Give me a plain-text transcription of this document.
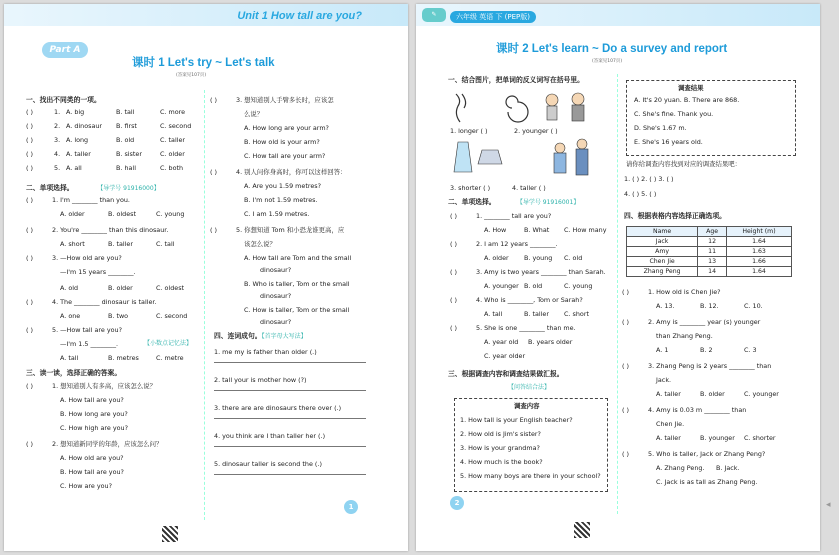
Unit 1 How tall are you?
Part A
课时 1 Let's try ~ Let's talk
(答案见107页)
一、找出不同类的一项。
( )	1. A. big	B. tall	C. more
( )	2. A. dinosaur B. first	C. second
( )	3. A. long	B. old	C. taller
( )	4. A. taller	B. sister	C. older
( )	5. A. all	B. hall	C. both
二、单项选择。	【导学号 91916000】
( )	1. I'm ________ than you.
A. older	B. oldest	C. young
( )	2. You're ________ than this dinosaur.
A. short	B. taller	C. tall
( )	3. —How old are you?
A. old	B. older	C. oldest
( )	4. The ________ dinosaur is taller.
A. one	B. two	C. second
—I'm 15 years ________.
( )	5. —How tall are you?
—I'm 1.5 ________.	【小数点记忆法】
A. tall	B. metres	C. metre
三、读一读，选择正确的答案。
( )	1. 想知道别人有多高，应该怎么说？
A. How tall are you?
B. How long are you?
C. How high are you?
( )	2. 想知道新同学的年龄，应该怎么问？
A. How old are you?
B. How tall are you?
C. How are you?
( )	3. 想知道别人手臂多长时，应该怎
么说？
A. How long are your arm?
B. How old is your arm?
C. How tall are your arm?
( )	4. 别人问你身高时，你可以这样回答：
A. Are you 1.59 metres?
B. I'm not 1.59 metres.
C. I am 1.59 metres.
( )	5. 你想知道 Tom 和小恐龙谁更高，应
该怎么说？
A. How tall are Tom and the small
dinosaur?
B. Who is taller, Tom or the small
dinosaur?
C. How is taller, Tom or the small
dinosaur?
四、连词成句。【首字母大写法】
1. me my is father than older (.)
2. tall your is mother how (?)
3. there are are dinosaurs there over (.)
4. you think are I than taller her (.)
5. dinosaur taller is second the (.)
1
✎	六年级 英语 下 (PEP版)
课时 2 Let's learn ~ Do a survey and report
(答案见107页)
一、结合图片，把单词的反义词写在括号里。
1. longer ( )	2. younger ( )
3. shorter ( )	4. taller ( )
调查结果
A. It's 20 yuan. B. There are 868.
C. She's fine. Thank you.
D. She's 1.67 m.
E. She's 16 years old.
请你给调查内容找到对应的调查结果吧：
1. ( ) 2. ( ) 3. ( )
4. ( ) 5. ( )
二、单项选择。	【导学号 91916001】
( )	1. ________ tall are you?
A. How	B. What C. How many
( )	2. I am 12 years ________.
A. older B. young C. old
( )	3. Amy is two years ________ than Sarah.
A. younger B. old	C. young
( )	4. Who is ________, Tom or Sarah?
A. tall	B. taller C. short
( )	5. She is one ________ than me.
A. year old B. years older
C. year older
三、根据调查内容和调查结果做汇报。
【问答结合法】
调查内容
1. How tall is your English teacher?
2. How old is Jim's sister?
3. How is your grandma?
4. How much is the book?
5. How many boys are there in your school?
四、根据表格内容选择正确选项。
Name	Age	Height (m)
Jack	12	1.64
Amy	11	1.63
Chen Jie	13	1.66
Zhang Peng	14	1.64
( )	1. How old is Chen Jie?
A. 13.	B. 12.	C. 10.
( )	2. Amy is ________ year (s) younger
than Zhang Peng.
A. 1	B. 2	C. 3
( )	3. Zhang Peng is 2 years ________ than
Jack.
A. taller	B. older	C. younger
( )	4. Amy is 0.03 m ________ than
Chen Jie.
A. taller	B. younger C. shorter
( )	5. Who is taller, Jack or Zhang Peng?
A. Zhang Peng. B. Jack.
C. Jack is as tall as Zhang Peng.
2	◂
